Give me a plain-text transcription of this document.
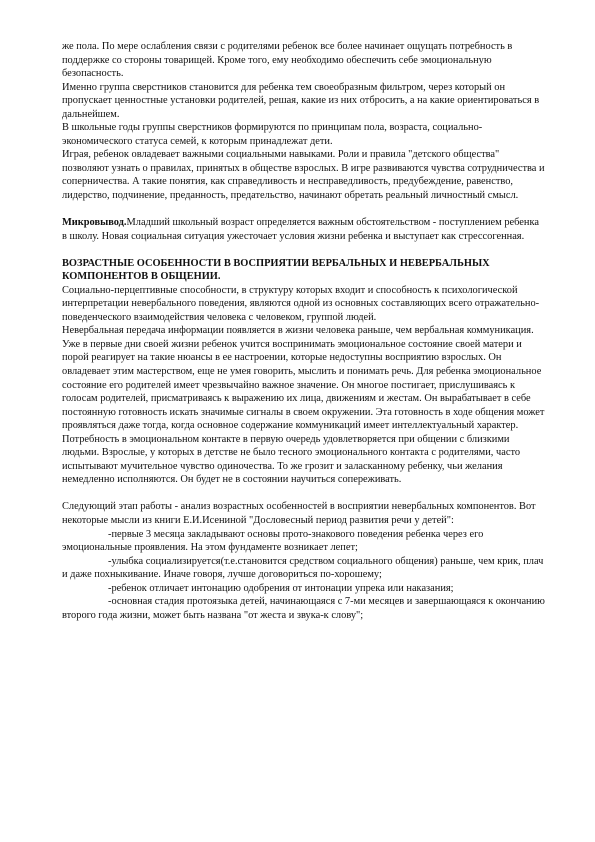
же пола. По мере ослабления связи с родителями ребенок все более начинает ощущать потребность в поддержке со стороны товарищей. Кроме того, ему необходимо обеспечить себе эмоциональную безопасность.

Именно группа сверстников становится для ребенка тем своеобразным фильтром, через который он пропускает ценностные установки родителей, решая, какие из них отбросить, а на какие ориентироваться в дальнейшем.

В школьные годы группы сверстников формируются по принципам пола, возраста, социально-экономического статуса семей, к которым принадлежат дети.

Играя, ребенок овладевает важными социальными навыками. Роли и правила "детского общества" позволяют узнать о правилах, принятых в обществе взрослых. В игре развиваются чувства сотрудничества и соперничества. А такие понятия, как справедливость и несправедливость, предубеждение, равенство, лидерство, подчинение, преданность, предательство, начинают обретать реальный личностный смысл.

Микровывод.Младший школьный возраст определяется важным обстоятельством - поступлением ребенка в школу. Новая социальная ситуация ужесточает условия жизни ребенка и выступает как стрессогенная.

ВОЗРАСТНЫЕ ОСОБЕННОСТИ В ВОСПРИЯТИИ ВЕРБАЛЬНЫХ И НЕВЕРБАЛЬНЫХ КОМПОНЕНТОВ В ОБЩЕНИИ.

Социально-перцептивные способности, в структуру которых входит и способность к психологической интерпретации невербального поведения, являются одной из основных составляющих всего отражательно-поведенческого взаимодействия человека с человеком, группой людей.

Невербальная передача информации появляется в жизни человека раньше, чем вербальная коммуникация. Уже в первые дни своей жизни ребенок учится воспринимать эмоциональное состояние своей матери и порой реагирует на такие нюансы в ее настроении, которые недоступны восприятию взрослых. Он овладевает этим мастерством, еще не умея говорить, мыслить и понимать речь. Для ребенка эмоциональное состояние его родителей имеет чрезвычайно важное значение. Он многое постигает, прислушиваясь к голосам родителей, присматриваясь к выражению их лица, движениям и жестам. Он вырабатывает в себе постоянную готовность искать значимые сигналы в своем окружении. Эта готовность в ходе общения может проявляться даже тогда, когда основное содержание коммуникаций имеет интеллектуальный характер.

Потребность в эмоциональном контакте в первую очередь удовлетворяется при общении с близкими людьми. Взрослые, у которых в детстве не было тесного эмоционального контакта с родителями, часто испытывают мучительное чувство одиночества. То же грозит и заласканному ребенку, чьи желания немедленно исполняются. Он будет не в состоянии научиться сопереживать.

Следующий этап работы - анализ возрастных особенностей в восприятии невербальных компонентов. Вот некоторые мысли из книги Е.И.Исениной "Дословесный период развития речи у детей":

-первые 3 месяца закладывают основы прото-знакового поведения ребенка через его эмоциональные проявления. На этом фундаменте возникает лепет;

-улыбка социализируется(т.е.становится средством социального общения) раньше, чем крик, плач и даже похныкивание. Иначе говоря, лучше договориться по-хорошему;

-ребенок отличает интонацию одобрения от интонации упрека или наказания;

-основная стадия протоязыка детей, начинающаяся с 7-ми месяцев и завершающаяся к окончанию второго года жизни, может быть названа "от жеста и звука-к слову";
